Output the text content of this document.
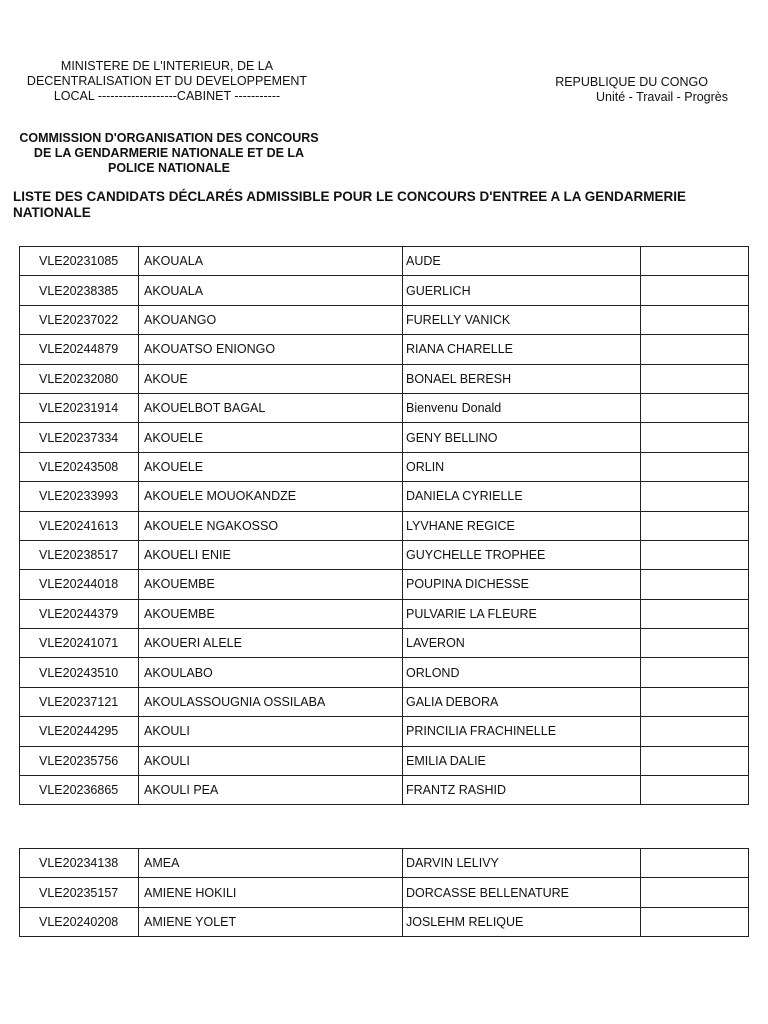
MINISTERE DE L'INTERIEUR, DE LA
DECENTRALISATION ET DU DEVELOPPEMENT
LOCAL -------------------CABINET -----------
REPUBLIQUE DU CONGO
Unité - Travail - Progrès
COMMISSION D'ORGANISATION DES CONCOURS
DE LA GENDARMERIE NATIONALE ET DE LA
POLICE NATIONALE
LISTE DES CANDIDATS DÉCLARÉS ADMISSIBLE POUR LE CONCOURS D'ENTREE A LA GENDARMERIE NATIONALE
VLE20231085	AKOUALA	AUDE	
VLE20238385	AKOUALA	GUERLICH	
VLE20237022	AKOUANGO	FURELLY VANICK	
VLE20244879	AKOUATSO ENIONGO	RIANA CHARELLE	
VLE20232080	AKOUE	BONAEL BERESH	
VLE20231914	AKOUELBOT BAGAL	Bienvenu Donald	
VLE20237334	AKOUELE	GENY BELLINO	
VLE20243508	AKOUELE	ORLIN	
VLE20233993	AKOUELE MOUOKANDZE	DANIELA CYRIELLE	
VLE20241613	AKOUELE NGAKOSSO	LYVHANE REGICE	
VLE20238517	AKOUELI ENIE	GUYCHELLE TROPHEE	
VLE20244018	AKOUEMBE	POUPINA DICHESSE	
VLE20244379	AKOUEMBE	PULVARIE LA FLEURE	
VLE20241071	AKOUERI ALELE	LAVERON	
VLE20243510	AKOULABO	ORLOND	
VLE20237121	AKOULASSOUGNIA OSSILABA	GALIA DEBORA	
VLE20244295	AKOULI	PRINCILIA FRACHINELLE	
VLE20235756	AKOULI	EMILIA DALIE	
VLE20236865	AKOULI PEA	FRANTZ RASHID	
VLE20234138	AMEA	DARVIN LELIVY	
VLE20235157	AMIENE HOKILI	DORCASSE BELLENATURE	
VLE20240208	AMIENE YOLET	JOSLEHM RELIQUE	
